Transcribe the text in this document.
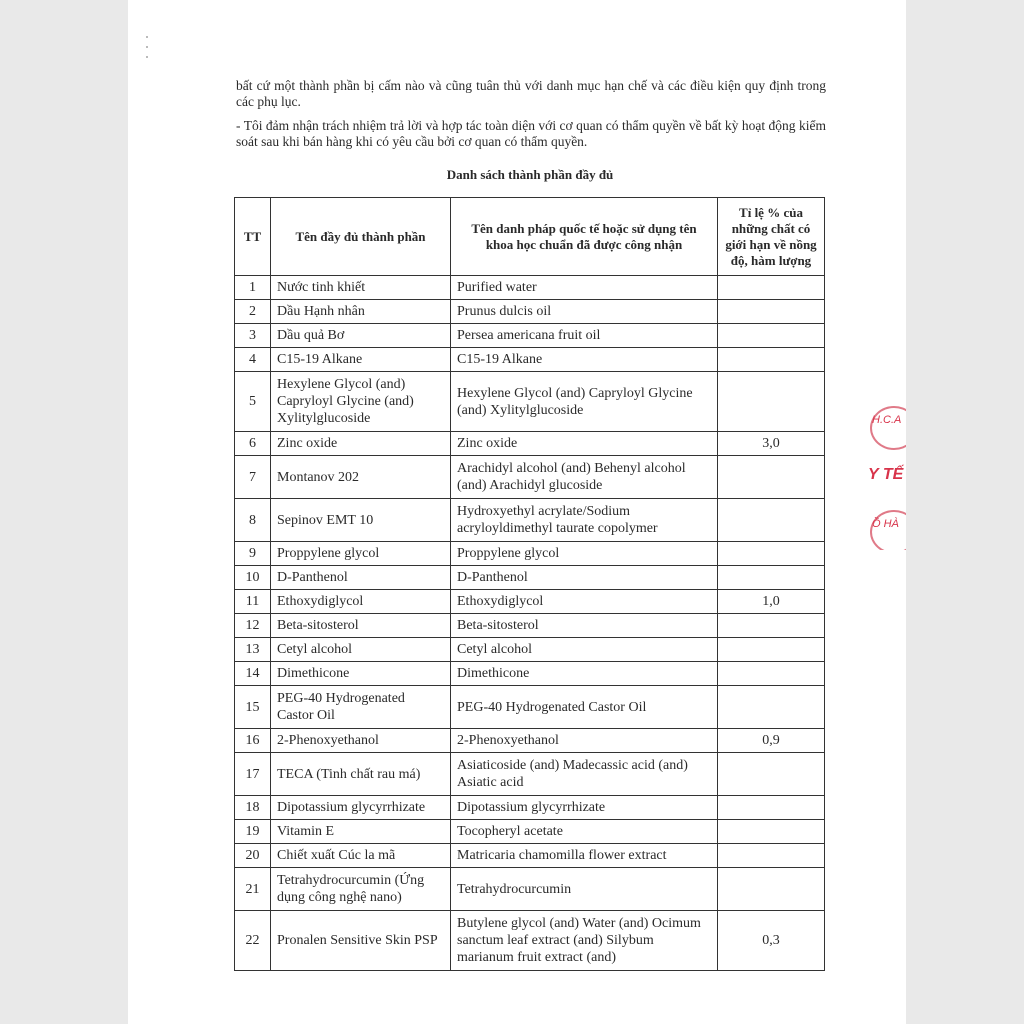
bất cứ một thành phần bị cấm nào và cũng tuân thủ với danh mục hạn chế và các điều kiện quy định trong các phụ lục.
- Tôi đảm nhận trách nhiệm trả lời và hợp tác toàn diện với cơ quan có thẩm quyền về bất kỳ hoạt động kiểm soát sau khi bán hàng khi có yêu cầu bởi cơ quan có thẩm quyền.
Danh sách thành phần đầy đủ
TT	Tên đầy đủ thành phần	Tên danh pháp quốc tế hoặc sử dụng tên khoa học chuẩn đã được công nhận	Tỉ lệ % của những chất có giới hạn về nồng độ, hàm lượng
1	Nước tinh khiết	Purified water	
2	Dầu Hạnh nhân	Prunus dulcis oil	
3	Dầu quả Bơ	Persea americana fruit oil	
4	C15-19 Alkane	C15-19 Alkane	
5	Hexylene Glycol (and) Capryloyl Glycine (and) Xylitylglucoside	Hexylene Glycol (and) Capryloyl Glycine (and) Xylitylglucoside	
6	Zinc oxide	Zinc oxide	3,0
7	Montanov 202	Arachidyl alcohol (and) Behenyl alcohol (and) Arachidyl glucoside	
8	Sepinov EMT 10	Hydroxyethyl acrylate/Sodium acryloyldimethyl taurate copolymer	
9	Proppylene glycol	Proppylene glycol	
10	D-Panthenol	D-Panthenol	
11	Ethoxydiglycol	Ethoxydiglycol	1,0
12	Beta-sitosterol	Beta-sitosterol	
13	Cetyl alcohol	Cetyl alcohol	
14	Dimethicone	Dimethicone	
15	PEG-40 Hydrogenated Castor Oil	PEG-40 Hydrogenated Castor Oil	
16	2-Phenoxyethanol	2-Phenoxyethanol	0,9
17	TECA (Tinh chất rau má)	Asiaticoside (and) Madecassic acid (and) Asiatic acid	
18	Dipotassium glycyrrhizate	Dipotassium glycyrrhizate	
19	Vitamin E	Tocopheryl acetate	
20	Chiết xuất Cúc la mã	Matricaria chamomilla flower extract	
21	Tetrahydrocurcumin (Ứng dụng công nghệ nano)	Tetrahydrocurcumin	
22	Pronalen Sensitive Skin PSP	Butylene glycol (and) Water (and) Ocimum sanctum leaf extract (and) Silybum marianum fruit extract (and)	0,3
H.C.A
Y TẾ
Ồ HÀ
